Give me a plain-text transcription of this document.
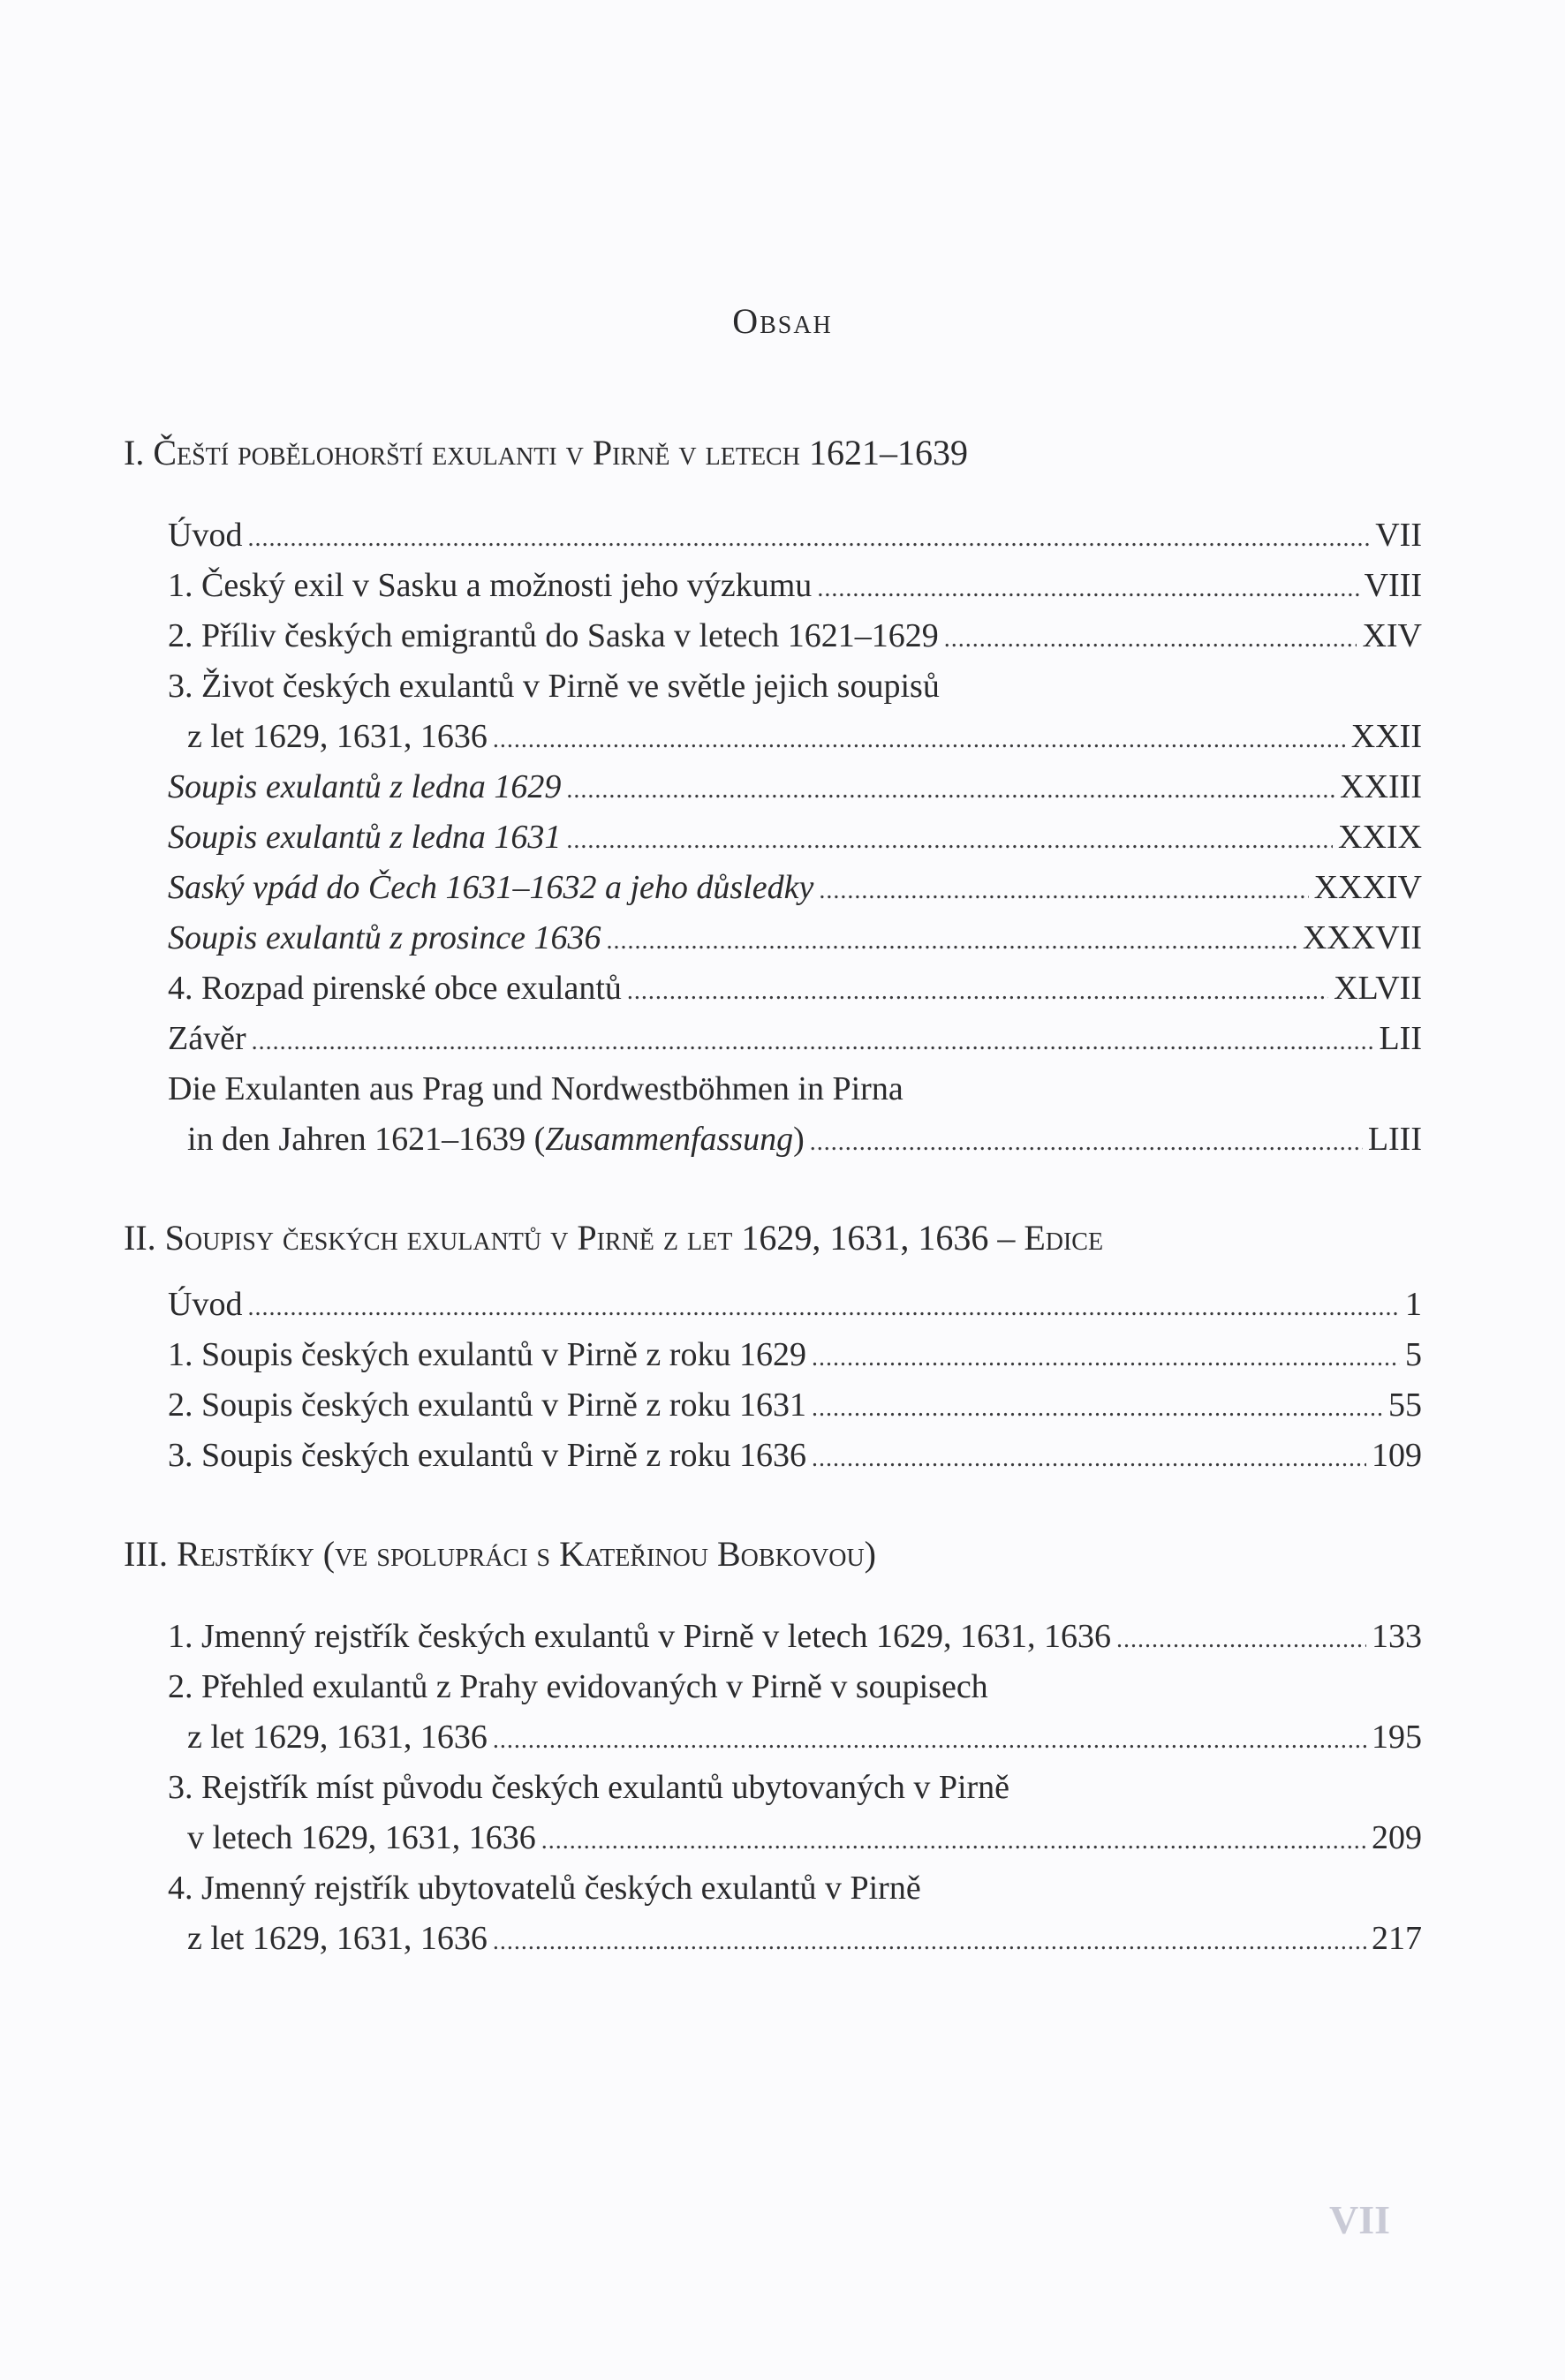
Obsah
I. Čeští pobělohorští exulanti v Pirně v letech 1621–1639
Úvod .....	VII
1. Český exil v Sasku a možnosti jeho výzkumu .....	VIII
2. Příliv českých emigrantů do Saska v letech 1621–1629 .....	XIV
3. Život českých exulantů v Pirně ve světle jejich soupisů
z let 1629, 1631, 1636 .....	XXII
Soupis exulantů z ledna 1629 .....	XXIII
Soupis exulantů z ledna 1631 .....	XXIX
Saský vpád do Čech 1631–1632 a jeho důsledky .....	XXXIV
Soupis exulantů z prosince 1636 .....	XXXVII
4. Rozpad pirenské obce exulantů .....	XLVII
Závěr .....	LII
Die Exulanten aus Prag und Nordwestböhmen in Pirna
in den Jahren 1621–1639 (Zusammenfassung) .....	LIII
II. Soupisy českých exulantů v Pirně z let 1629, 1631, 1636 – Edice
Úvod .....	1
1. Soupis českých exulantů v Pirně z roku 1629 .....	5
2. Soupis českých exulantů v Pirně z roku 1631 .....	55
3. Soupis českých exulantů v Pirně z roku 1636 .....	109
III. Rejstříky (ve spolupráci s Kateřinou Bobkovou)
1. Jmenný rejstřík českých exulantů v Pirně v letech 1629, 1631, 1636 .....	133
2. Přehled exulantů z Prahy evidovaných v Pirně v soupisech
z let 1629, 1631, 1636 .....	195
3. Rejstřík míst původu českých exulantů ubytovaných v Pirně
v letech 1629, 1631, 1636 .....	209
4. Jmenný rejstřík ubytovatelů českých exulantů v Pirně
z let 1629, 1631, 1636 .....	217
VII
